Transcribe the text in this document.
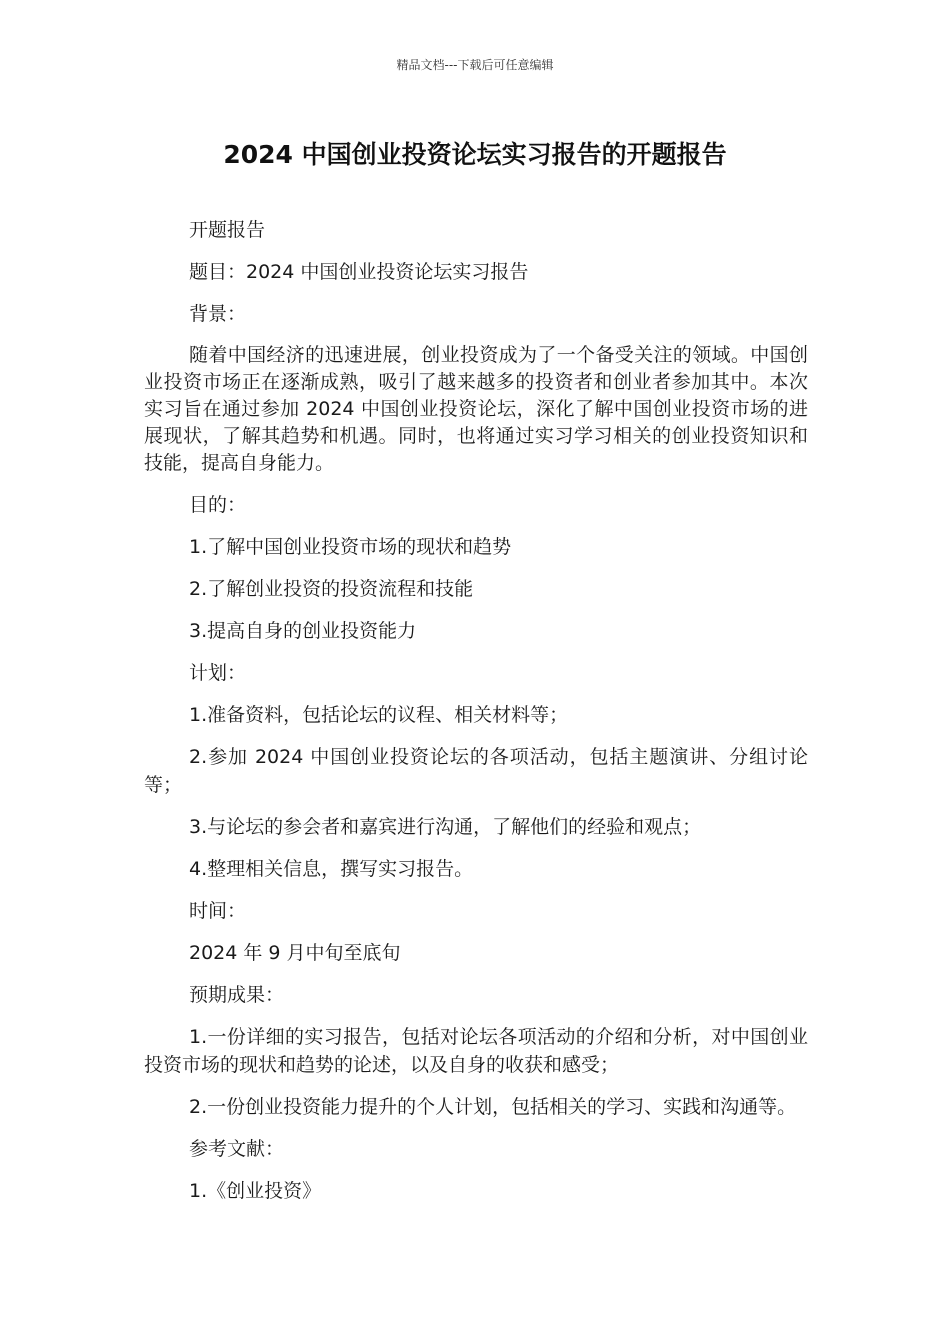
精品文档---下载后可任意编辑
2024 中国创业投资论坛实习报告的开题报告

开题报告

题目：2024 中国创业投资论坛实习报告

背景：

随着中国经济的迅速进展，创业投资成为了一个备受关注的领域。中国创业投资市场正在逐渐成熟，吸引了越来越多的投资者和创业者参加其中。本次实习旨在通过参加 2024 中国创业投资论坛，深化了解中国创业投资市场的进展现状，了解其趋势和机遇。同时，也将通过实习学习相关的创业投资知识和技能，提高自身能力。

目的：

1.了解中国创业投资市场的现状和趋势

2.了解创业投资的投资流程和技能

3.提高自身的创业投资能力

计划：

1.准备资料，包括论坛的议程、相关材料等；

2.参加 2024 中国创业投资论坛的各项活动，包括主题演讲、分组讨论等；

3.与论坛的参会者和嘉宾进行沟通，了解他们的经验和观点；

4.整理相关信息，撰写实习报告。

时间：

2024 年 9 月中旬至底旬

预期成果：

1.一份详细的实习报告，包括对论坛各项活动的介绍和分析，对中国创业投资市场的现状和趋势的论述，以及自身的收获和感受；

2.一份创业投资能力提升的个人计划，包括相关的学习、实践和沟通等。

参考文献：

1.《创业投资》
